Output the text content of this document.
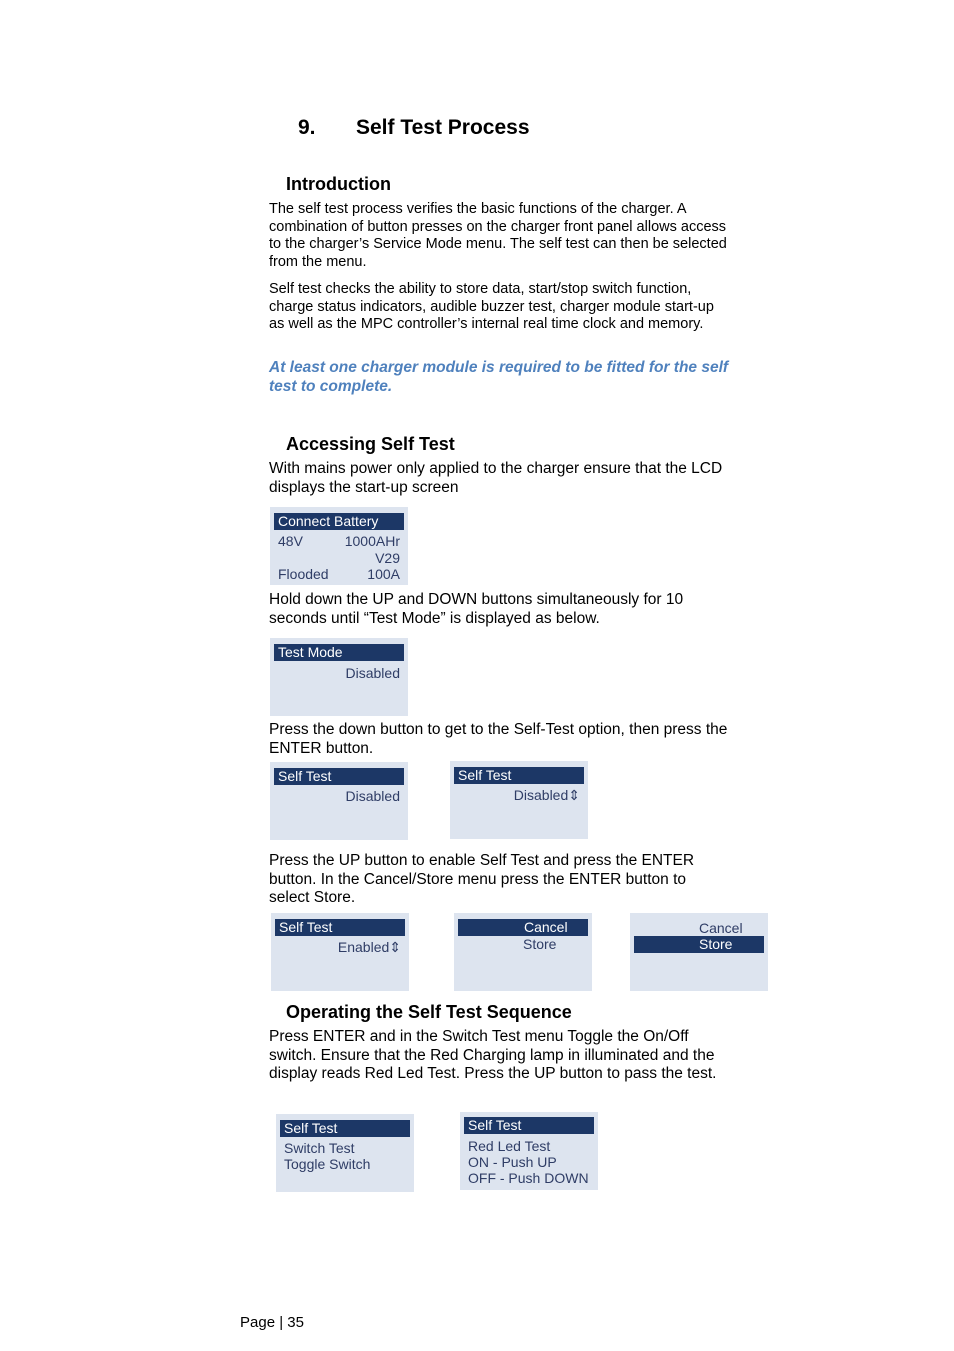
9. Self Test Process
Introduction
The self test process verifies the basic functions of the charger. A combination of button presses on the charger front panel allows access to the charger’s Service Mode menu. The self test can then be selected from the menu.
Self test checks the ability to store data, start/stop switch function, charge status indicators, audible buzzer test, charger module start-up as well as the MPC controller’s internal real time clock and memory.
At least one charger module is required to be fitted for the self test to complete.
Accessing Self Test
With mains power only applied to the charger ensure that the LCD displays the start-up screen
Connect Battery
48V	1000AHr
V29
Flooded	100A
Hold down the UP and DOWN buttons simultaneously for 10 seconds until “Test Mode” is displayed as below.
Test Mode
Disabled
Press the down button to get to the Self-Test option, then press the ENTER button.
Self Test
Disabled
Self Test
Disabled⇕
Press the UP button to enable Self Test and press the ENTER button. In the Cancel/Store menu press the ENTER button to select Store.
Self Test
Enabled⇕
Cancel
Store
Cancel
Store
Operating the Self Test Sequence
Press ENTER and in the Switch Test menu Toggle the On/Off switch. Ensure that the Red Charging lamp in illuminated and the display reads Red Led Test. Press the UP button to pass the test.
Self Test
Switch Test
Toggle Switch
Self Test
Red Led Test
ON - Push UP
OFF - Push DOWN
Page | 35
